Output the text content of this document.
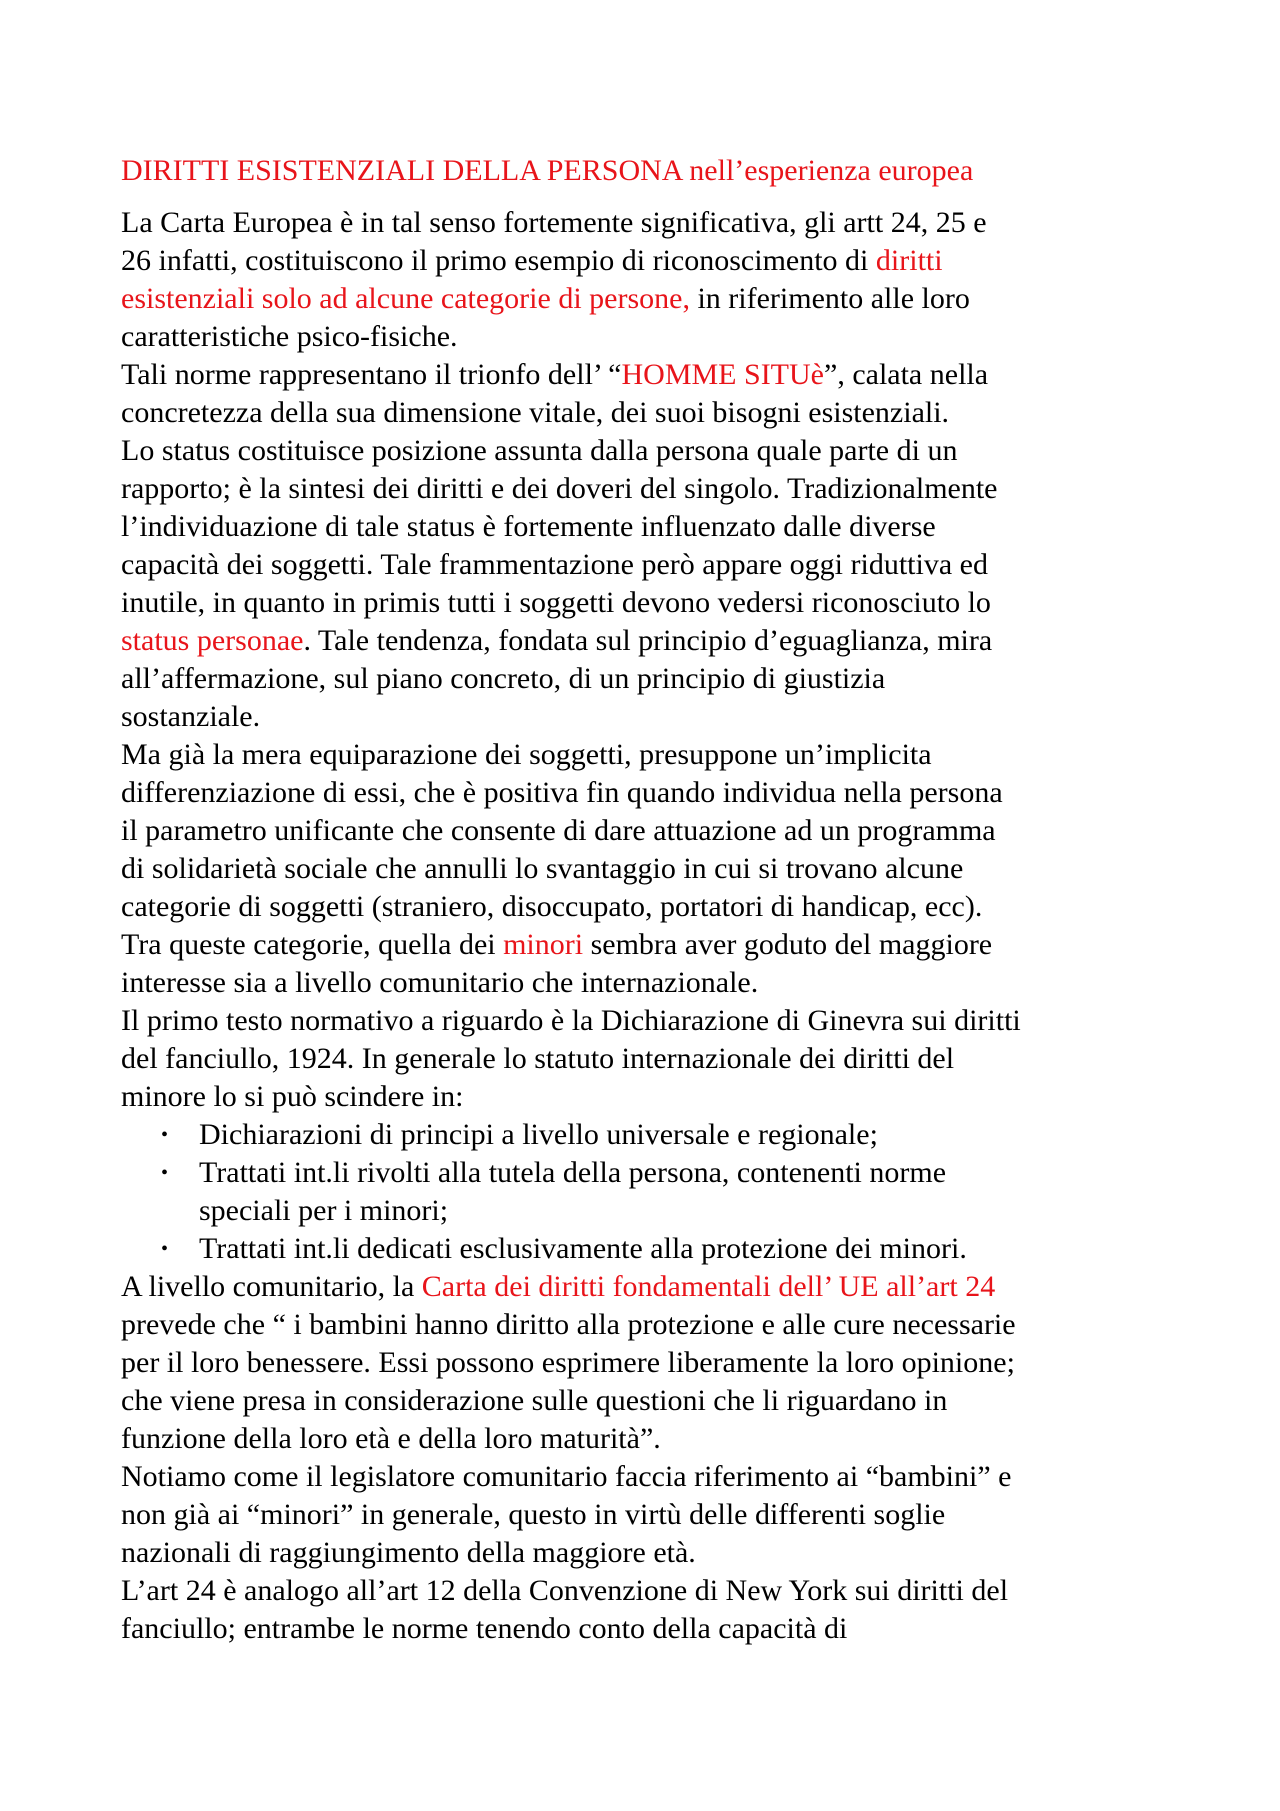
DIRITTI ESISTENZIALI DELLA PERSONA nell’esperienza europea
La Carta Europea è in tal senso fortemente significativa, gli artt 24, 25 e
26 infatti, costituiscono il primo esempio di riconoscimento di diritti
esistenziali solo ad alcune categorie di persone, in riferimento alle loro
caratteristiche psico-fisiche.
Tali norme rappresentano il trionfo dell’ “HOMME SITUè”, calata nella
concretezza della sua dimensione vitale, dei suoi bisogni esistenziali.
Lo status costituisce posizione assunta dalla persona quale parte di un
rapporto; è la sintesi dei diritti e dei doveri del singolo. Tradizionalmente
l’individuazione di tale status è fortemente influenzato dalle diverse
capacità dei soggetti. Tale frammentazione però appare oggi riduttiva ed
inutile, in quanto in primis tutti i soggetti devono vedersi riconosciuto lo
status personae. Tale tendenza, fondata sul principio d’eguaglianza, mira
all’affermazione, sul piano concreto, di un principio di giustizia
sostanziale.
Ma già la mera equiparazione dei soggetti, presuppone un’implicita
differenziazione di essi, che è positiva fin quando individua nella persona
il parametro unificante che consente di dare attuazione ad un programma
di solidarietà sociale che annulli lo svantaggio in cui si trovano alcune
categorie di soggetti (straniero, disoccupato, portatori di handicap, ecc).
Tra queste categorie, quella dei minori sembra aver goduto del maggiore
interesse sia a livello comunitario che internazionale.
Il primo testo normativo a riguardo è la Dichiarazione di Ginevra sui diritti
del fanciullo, 1924. In generale lo statuto internazionale dei diritti del
minore lo si può scindere in:
• Dichiarazioni di principi a livello universale e regionale;
• Trattati int.li rivolti alla tutela della persona, contenenti norme
speciali per i minori;
• Trattati int.li dedicati esclusivamente alla protezione dei minori.
A livello comunitario, la Carta dei diritti fondamentali dell’ UE all’art 24
prevede che “ i bambini hanno diritto alla protezione e alle cure necessarie
per il loro benessere. Essi possono esprimere liberamente la loro opinione;
che viene presa in considerazione sulle questioni che li riguardano in
funzione della loro età e della loro maturità”.
Notiamo come il legislatore comunitario faccia riferimento ai “bambini” e
non già ai “minori” in generale, questo in virtù delle differenti soglie
nazionali di raggiungimento della maggiore età.
L’art 24 è analogo all’art 12 della Convenzione di New York sui diritti del
fanciullo; entrambe le norme tenendo conto della capacità di
